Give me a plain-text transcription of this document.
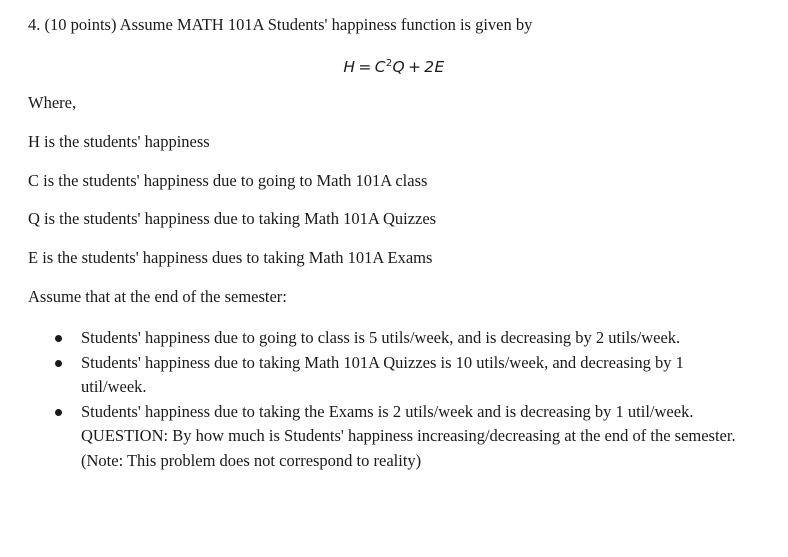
4. (10 points) Assume MATH 101A Students' happiness function is given by
$H = C^2Q + 2E$
Where,
H is the students' happiness
C is the students' happiness due to going to Math 101A class
Q is the students' happiness due to taking Math 101A Quizzes
E is the students' happiness dues to taking Math 101A Exams
Assume that at the end of the semester:
Students' happiness due to going to class is 5 utils/week, and is decreasing by 2 utils/week.
Students' happiness due to taking Math 101A Quizzes is 10 utils/week, and decreasing by 1 util/week.
Students' happiness due to taking the Exams is 2 utils/week and is decreasing by 1 util/week.
QUESTION: By how much is Students' happiness increasing/decreasing at the end of the semester. (Note: This problem does not correspond to reality)
